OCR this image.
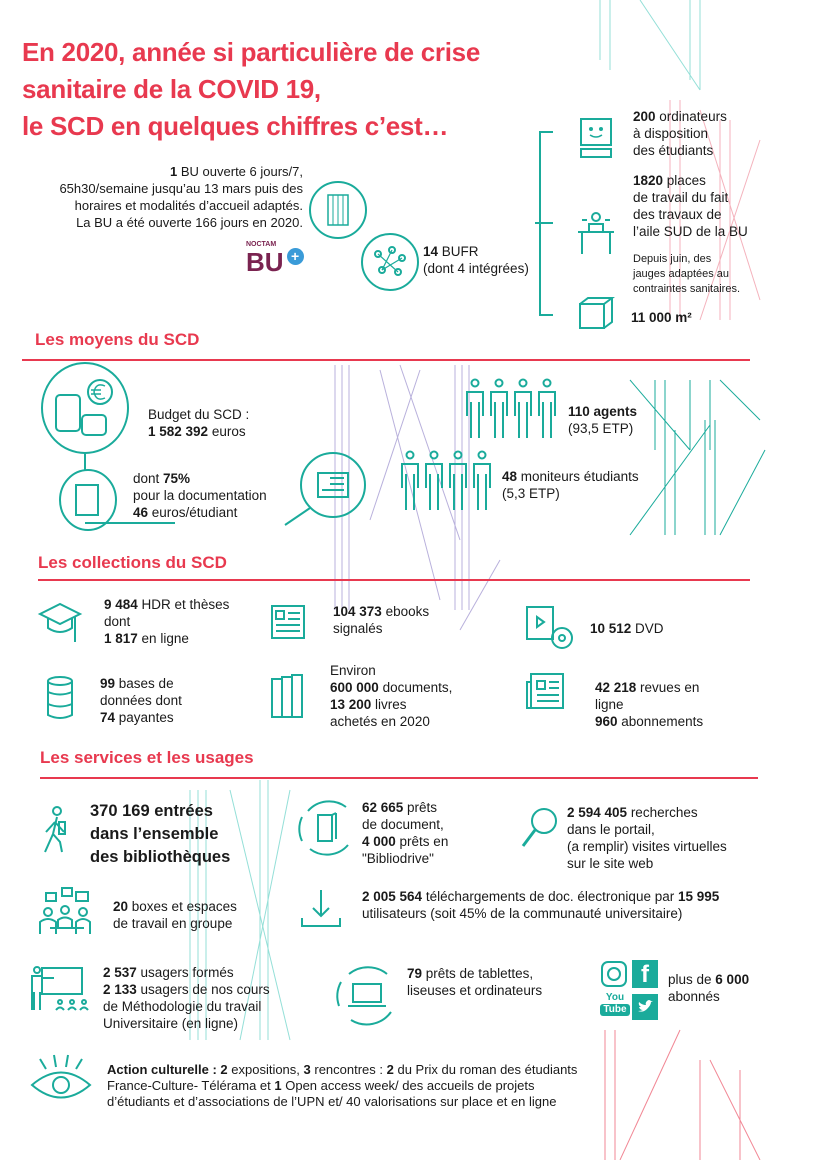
En 2020, année si particulière de crise
sanitaire de la COVID 19,
le SCD en quelques chiffres c’est…
1 BU ouverte 6 jours/7,
65h30/semaine jusqu’au 13 mars puis des
horaires et modalités d’accueil adaptés.
La BU a été ouverte 166 jours en 2020.
NOCTAM
BU +	14 BUFR
(dont 4 intégrées)
200 ordinateurs
à disposition
des étudiants
1820 places
de travail du fait
des travaux de
l’aile SUD de la BU
Depuis juin, des
jauges adaptées au
contraintes sanitaires.
11 000 m²
Les moyens du SCD
Budget du SCD :
1 582 392 euros
dont 75%
pour la documentation
46 euros/étudiant
110 agents
(93,5 ETP)
48 moniteurs étudiants
(5,3 ETP)
Les collections du SCD
9 484 HDR et thèses
dont
1 817 en ligne
104 373 ebooks
signalés	10 512 DVD
99 bases de
données dont
74 payantes
Environ
600 000 documents,
13 200 livres
achetés en 2020
42 218 revues en
ligne
960 abonnements
Les services et les usages
370 169 entrées
dans l’ensemble
des bibliothèques
62 665 prêts
de document,
4 000 prêts en
"Bibliodrive"
2 594 405 recherches
dans le portail,
(a remplir) visites virtuelles
sur le site web
20 boxes et espaces
de travail en groupe
2 005 564 téléchargements de doc. électronique par 15 995
utilisateurs (soit 45% de la communauté universitaire)
2 537 usagers formés
2 133 usagers de nos cours
de Méthodologie du travail
Universitaire (en ligne)
79 prêts de tablettes,
liseuses et ordinateurs
f
You
Tube
plus de 6 000
abonnés
Action culturelle : 2 expositions, 3 rencontres : 2 du Prix du roman des étudiants
France-Culture- Télérama et 1 Open access week/ des accueils de projets
d’étudiants et d’associations de l’UPN et/ 40 valorisations sur place et en ligne
